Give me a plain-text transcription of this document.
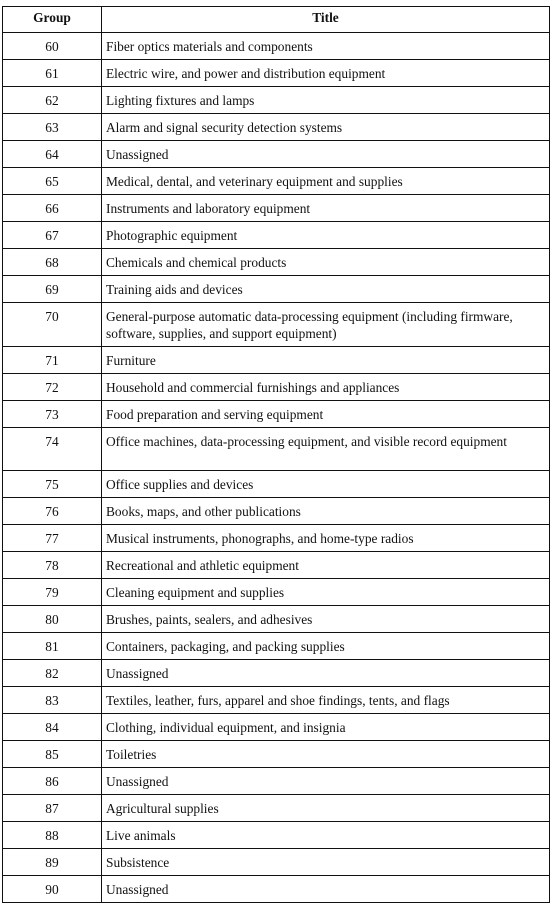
Group	Title
60	Fiber optics materials and components
61	Electric wire, and power and distribution equipment
62	Lighting fixtures and lamps
63	Alarm and signal security detection systems
64	Unassigned
65	Medical, dental, and veterinary equipment and supplies
66	Instruments and laboratory equipment
67	Photographic equipment
68	Chemicals and chemical products
69	Training aids and devices
70	General-purpose automatic data-processing equipment (including firmware, software, supplies, and support equipment)
71	Furniture
72	Household and commercial furnishings and appliances
73	Food preparation and serving equipment
74	Office machines, data-processing equipment, and visible record equipment
75	Office supplies and devices
76	Books, maps, and other publications
77	Musical instruments, phonographs, and home-type radios
78	Recreational and athletic equipment
79	Cleaning equipment and supplies
80	Brushes, paints, sealers, and adhesives
81	Containers, packaging, and packing supplies
82	Unassigned
83	Textiles, leather, furs, apparel and shoe findings, tents, and flags
84	Clothing, individual equipment, and insignia
85	Toiletries
86	Unassigned
87	Agricultural supplies
88	Live animals
89	Subsistence
90	Unassigned
